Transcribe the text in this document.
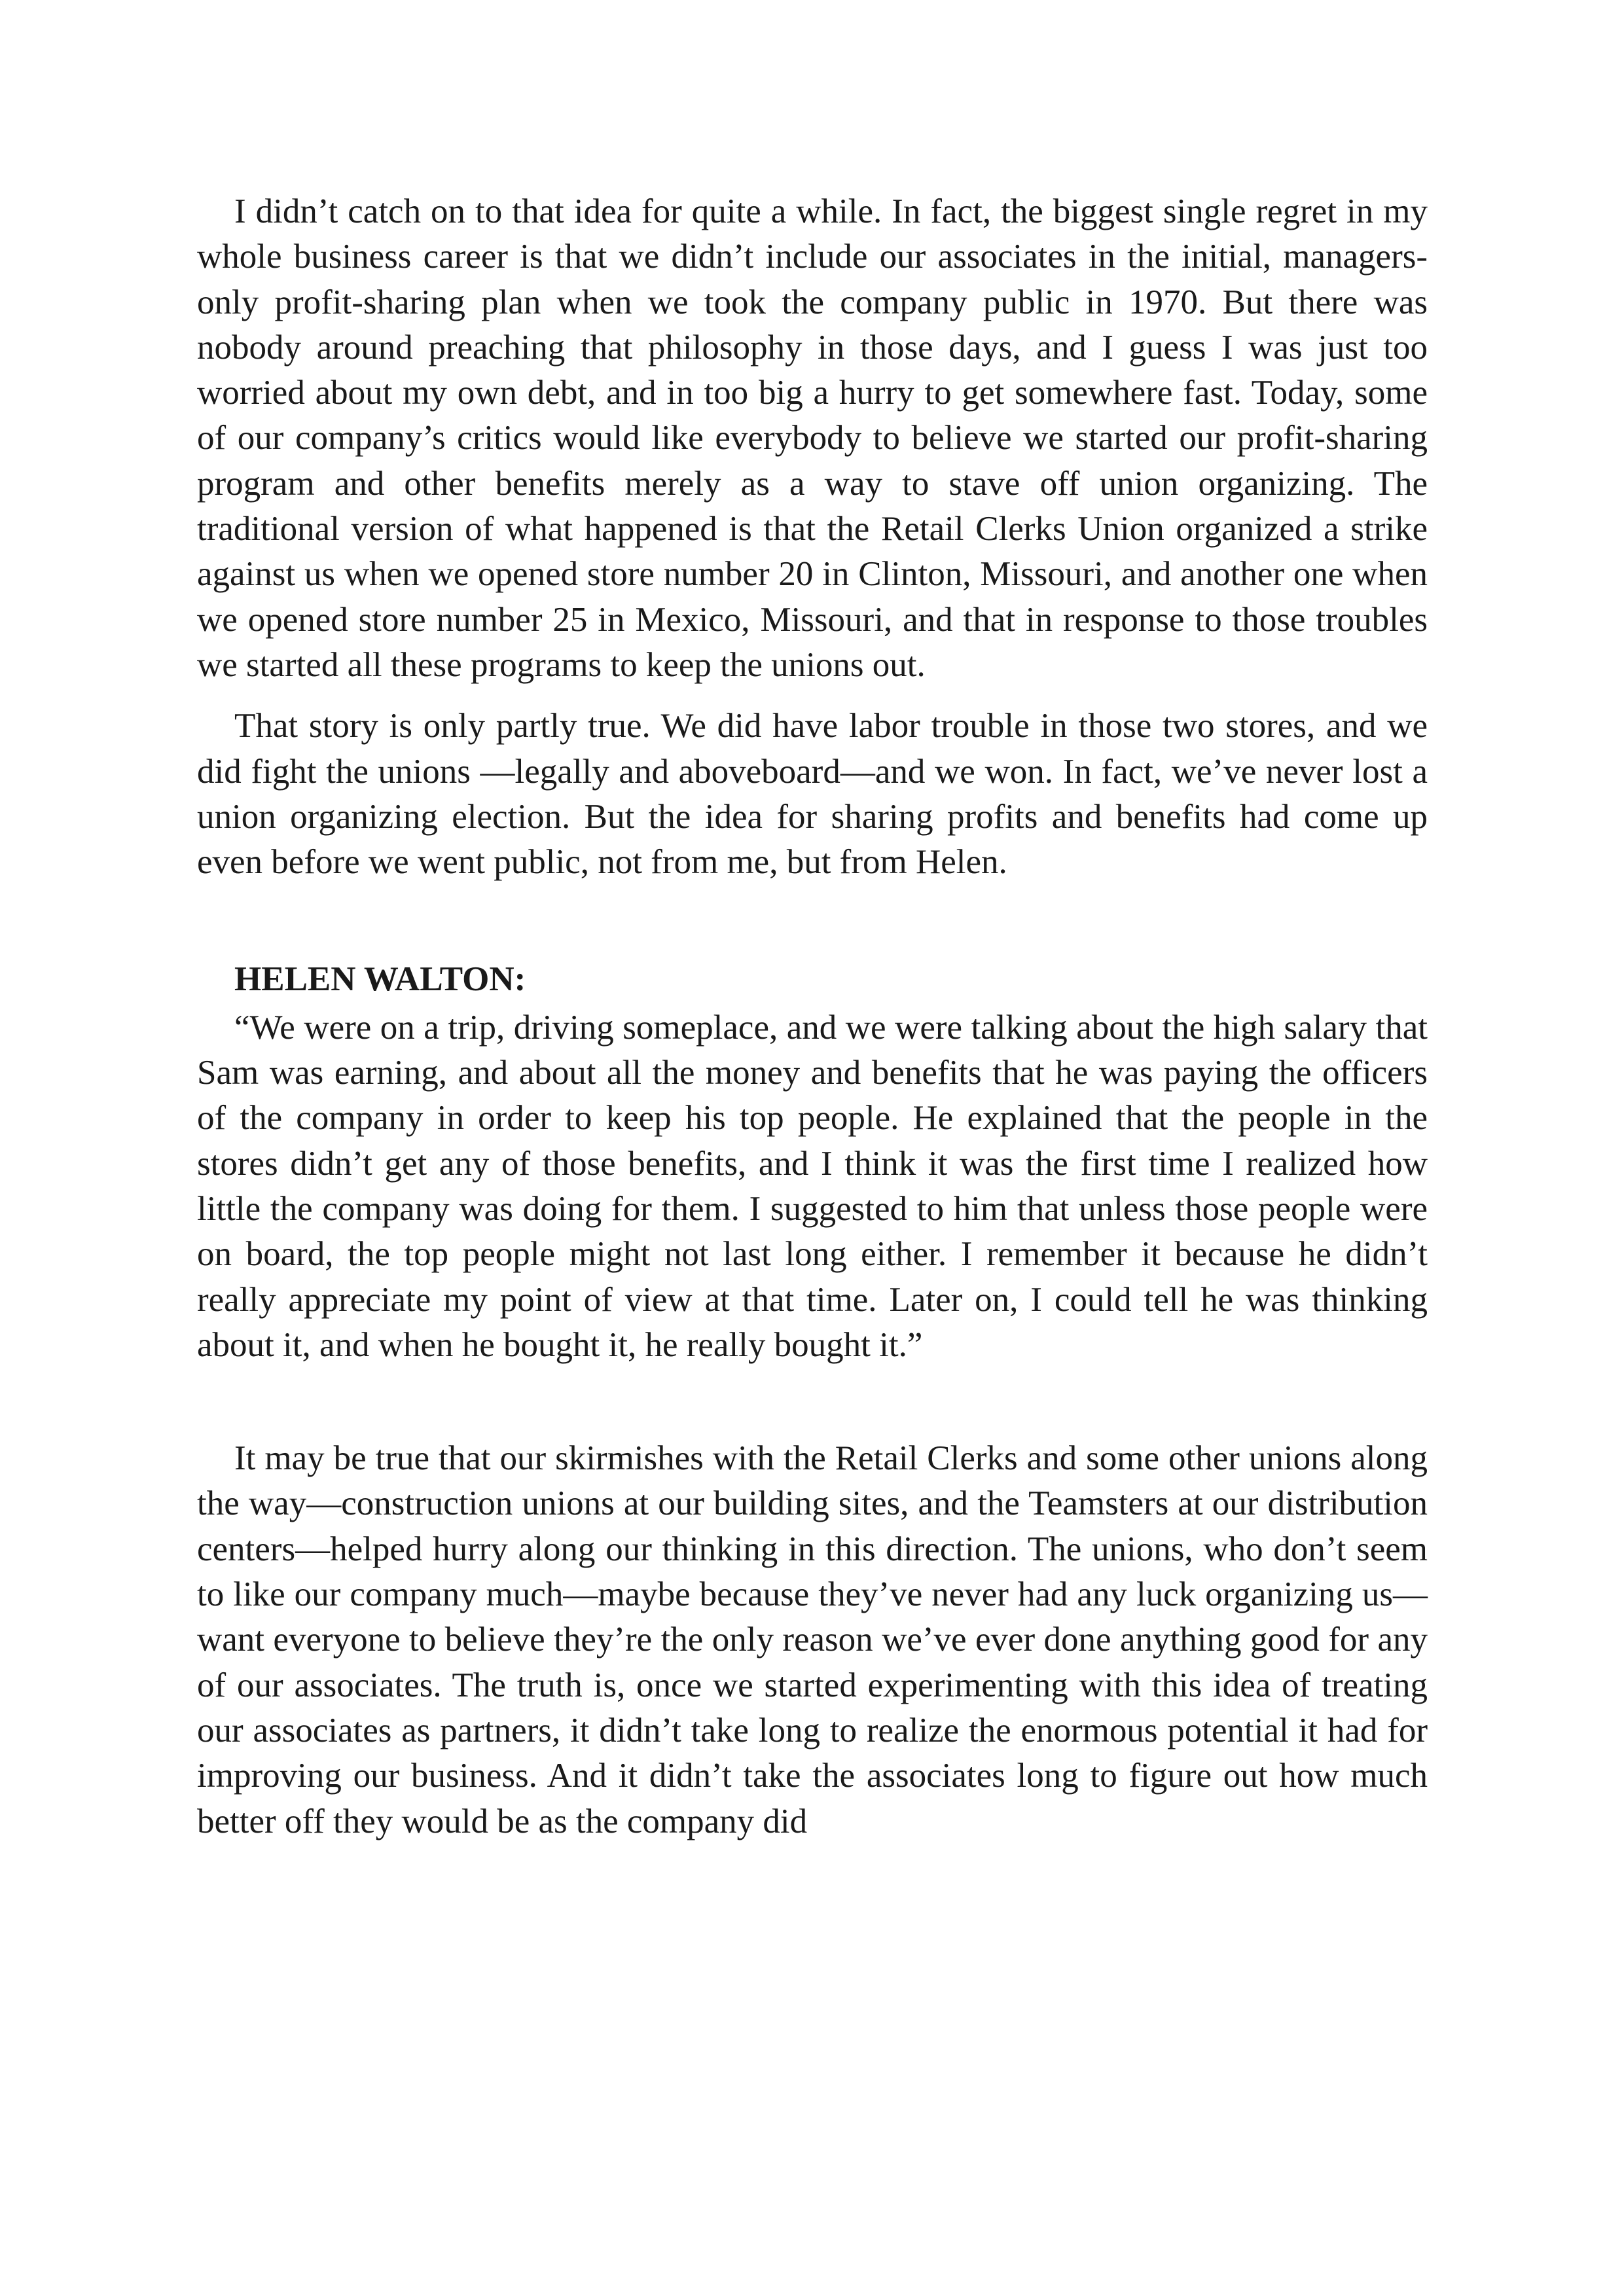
I didn’t catch on to that idea for quite a while. In fact, the biggest single regret in my whole business career is that we didn’t include our associates in the initial, managers-only profit-sharing plan when we took the company public in 1970. But there was nobody around preaching that philosophy in those days, and I guess I was just too worried about my own debt, and in too big a hurry to get somewhere fast. Today, some of our company’s critics would like everybody to believe we started our profit-sharing program and other benefits merely as a way to stave off union organizing. The traditional version of what happened is that the Retail Clerks Union organized a strike against us when we opened store number 20 in Clinton, Missouri, and another one when we opened store number 25 in Mexico, Missouri, and that in response to those troubles we started all these programs to keep the unions out.

That story is only partly true. We did have labor trouble in those two stores, and we did fight the unions —legally and aboveboard—and we won. In fact, we’ve never lost a union organizing election. But the idea for sharing profits and benefits had come up even before we went public, not from me, but from Helen.

HELEN WALTON:

“We were on a trip, driving someplace, and we were talking about the high salary that Sam was earning, and about all the money and benefits that he was paying the officers of the company in order to keep his top people. He explained that the people in the stores didn’t get any of those benefits, and I think it was the first time I realized how little the company was doing for them. I suggested to him that unless those people were on board, the top people might not last long either. I remember it because he didn’t really appreciate my point of view at that time. Later on, I could tell he was thinking about it, and when he bought it, he really bought it.”

It may be true that our skirmishes with the Retail Clerks and some other unions along the way—construction unions at our building sites, and the Teamsters at our distribution centers—helped hurry along our thinking in this direction. The unions, who don’t seem to like our company much—maybe because they’ve never had any luck organizing us—want everyone to believe they’re the only reason we’ve ever done anything good for any of our associates. The truth is, once we started experimenting with this idea of treating our associates as partners, it didn’t take long to realize the enormous potential it had for improving our business. And it didn’t take the associates long to figure out how much better off they would be as the company did
